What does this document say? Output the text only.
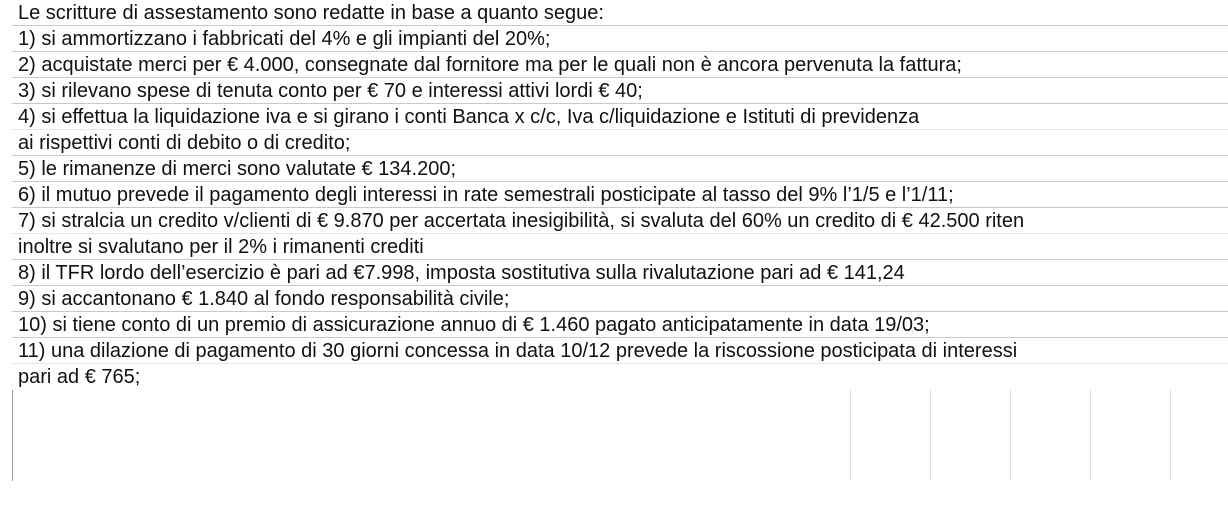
Le scritture di assestamento sono redatte in base a quanto segue:
1) si ammortizzano i fabbricati del 4% e gli impianti del 20%;
2) acquistate merci per € 4.000, consegnate dal fornitore ma per le quali non è ancora pervenuta la fattura;
3) si rilevano spese di tenuta conto per € 70 e interessi attivi lordi € 40;
4) si effettua la liquidazione iva e si girano i conti Banca x c/c, Iva c/liquidazione e Istituti di previdenza
ai rispettivi conti di debito o di credito;
5) le rimanenze di merci sono valutate € 134.200;
6) il mutuo prevede il pagamento degli interessi in rate semestrali posticipate al tasso del 9% l’1/5 e l’1/11;
7) si stralcia un credito v/clienti di € 9.870 per accertata inesigibilità, si svaluta del 60% un credito di € 42.500 riten
inoltre si svalutano per il 2% i rimanenti crediti
8) il TFR lordo dell’esercizio è pari ad €7.998, imposta sostitutiva sulla rivalutazione pari ad € 141,24
9) si accantonano € 1.840 al fondo responsabilità civile;
10) si tiene conto di un premio di assicurazione annuo di € 1.460 pagato anticipatamente in data 19/03;
11) una dilazione di pagamento di 30 giorni concessa in data 10/12 prevede la riscossione posticipata di interessi
pari ad € 765;
